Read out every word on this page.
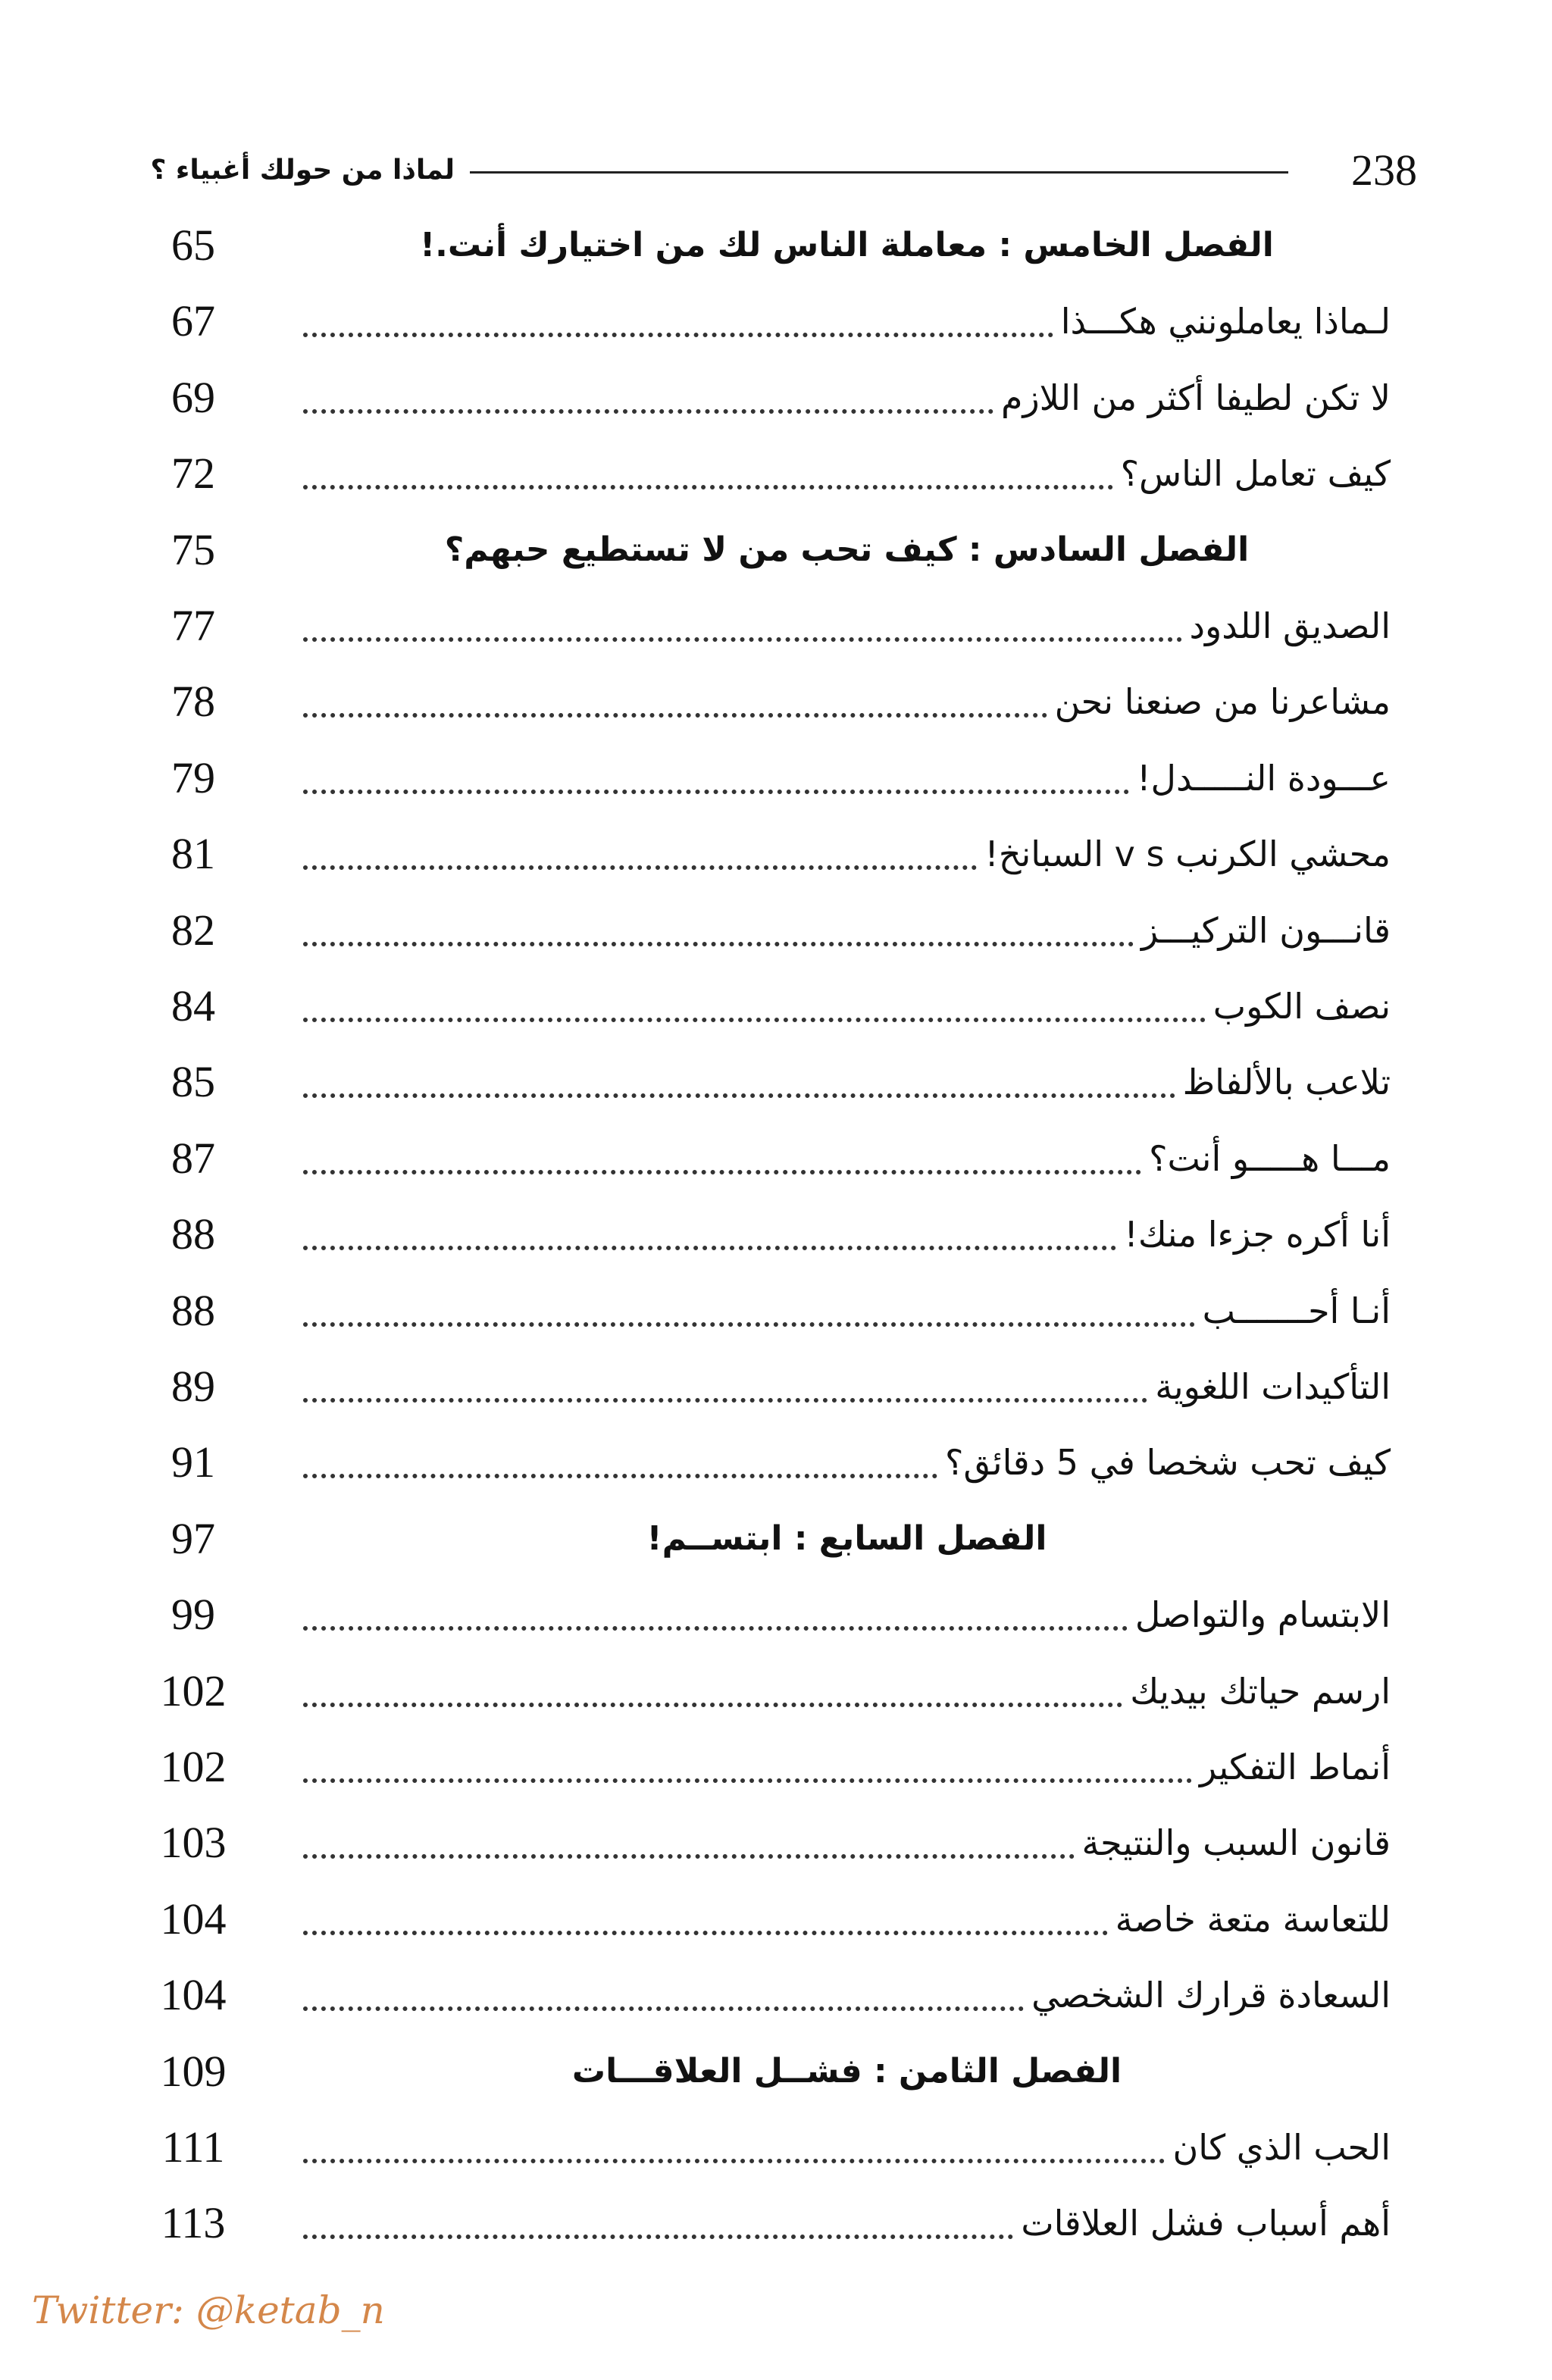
لماذا من حولك أغبياء ؟	238
65	الفصل الخامس : معاملة الناس لك من اختيارك أنت.!
67	لـماذا يعاملونني هكـــذا
69	لا تكن لطيفا أكثر من اللازم
72	كيف تعامل الناس؟
75	الفصل السادس : كيف تحب من لا تستطيع حبهم؟
77	الصديق اللدود
78	مشاعرنا من صنعنا نحن
79	عـــودة النـــــدل!
81	محشي الكرنب v s السبانخ!
82	قانـــون التركيـــز
84	نصف الكوب
85	تلاعب بالألفاظ
87	مـــا هـــــو أنت؟
88	أنا أكره جزءا منك!
88	أنـا أحـــــــب
89	التأكيدات اللغوية
91	كيف تحب شخصا في 5 دقائق؟
97	الفصل السابع : ابتســم!
99	الابتسام والتواصل
102	ارسم حياتك بيديك
102	أنماط التفكير
103	قانون السبب والنتيجة
104	للتعاسة متعة خاصة
104	السعادة قرارك الشخصي
109	الفصل الثامن : فشــل العلاقـــات
111	الحب الذي كان
113	أهم أسباب فشل العلاقات
Twitter: @ketab_n
